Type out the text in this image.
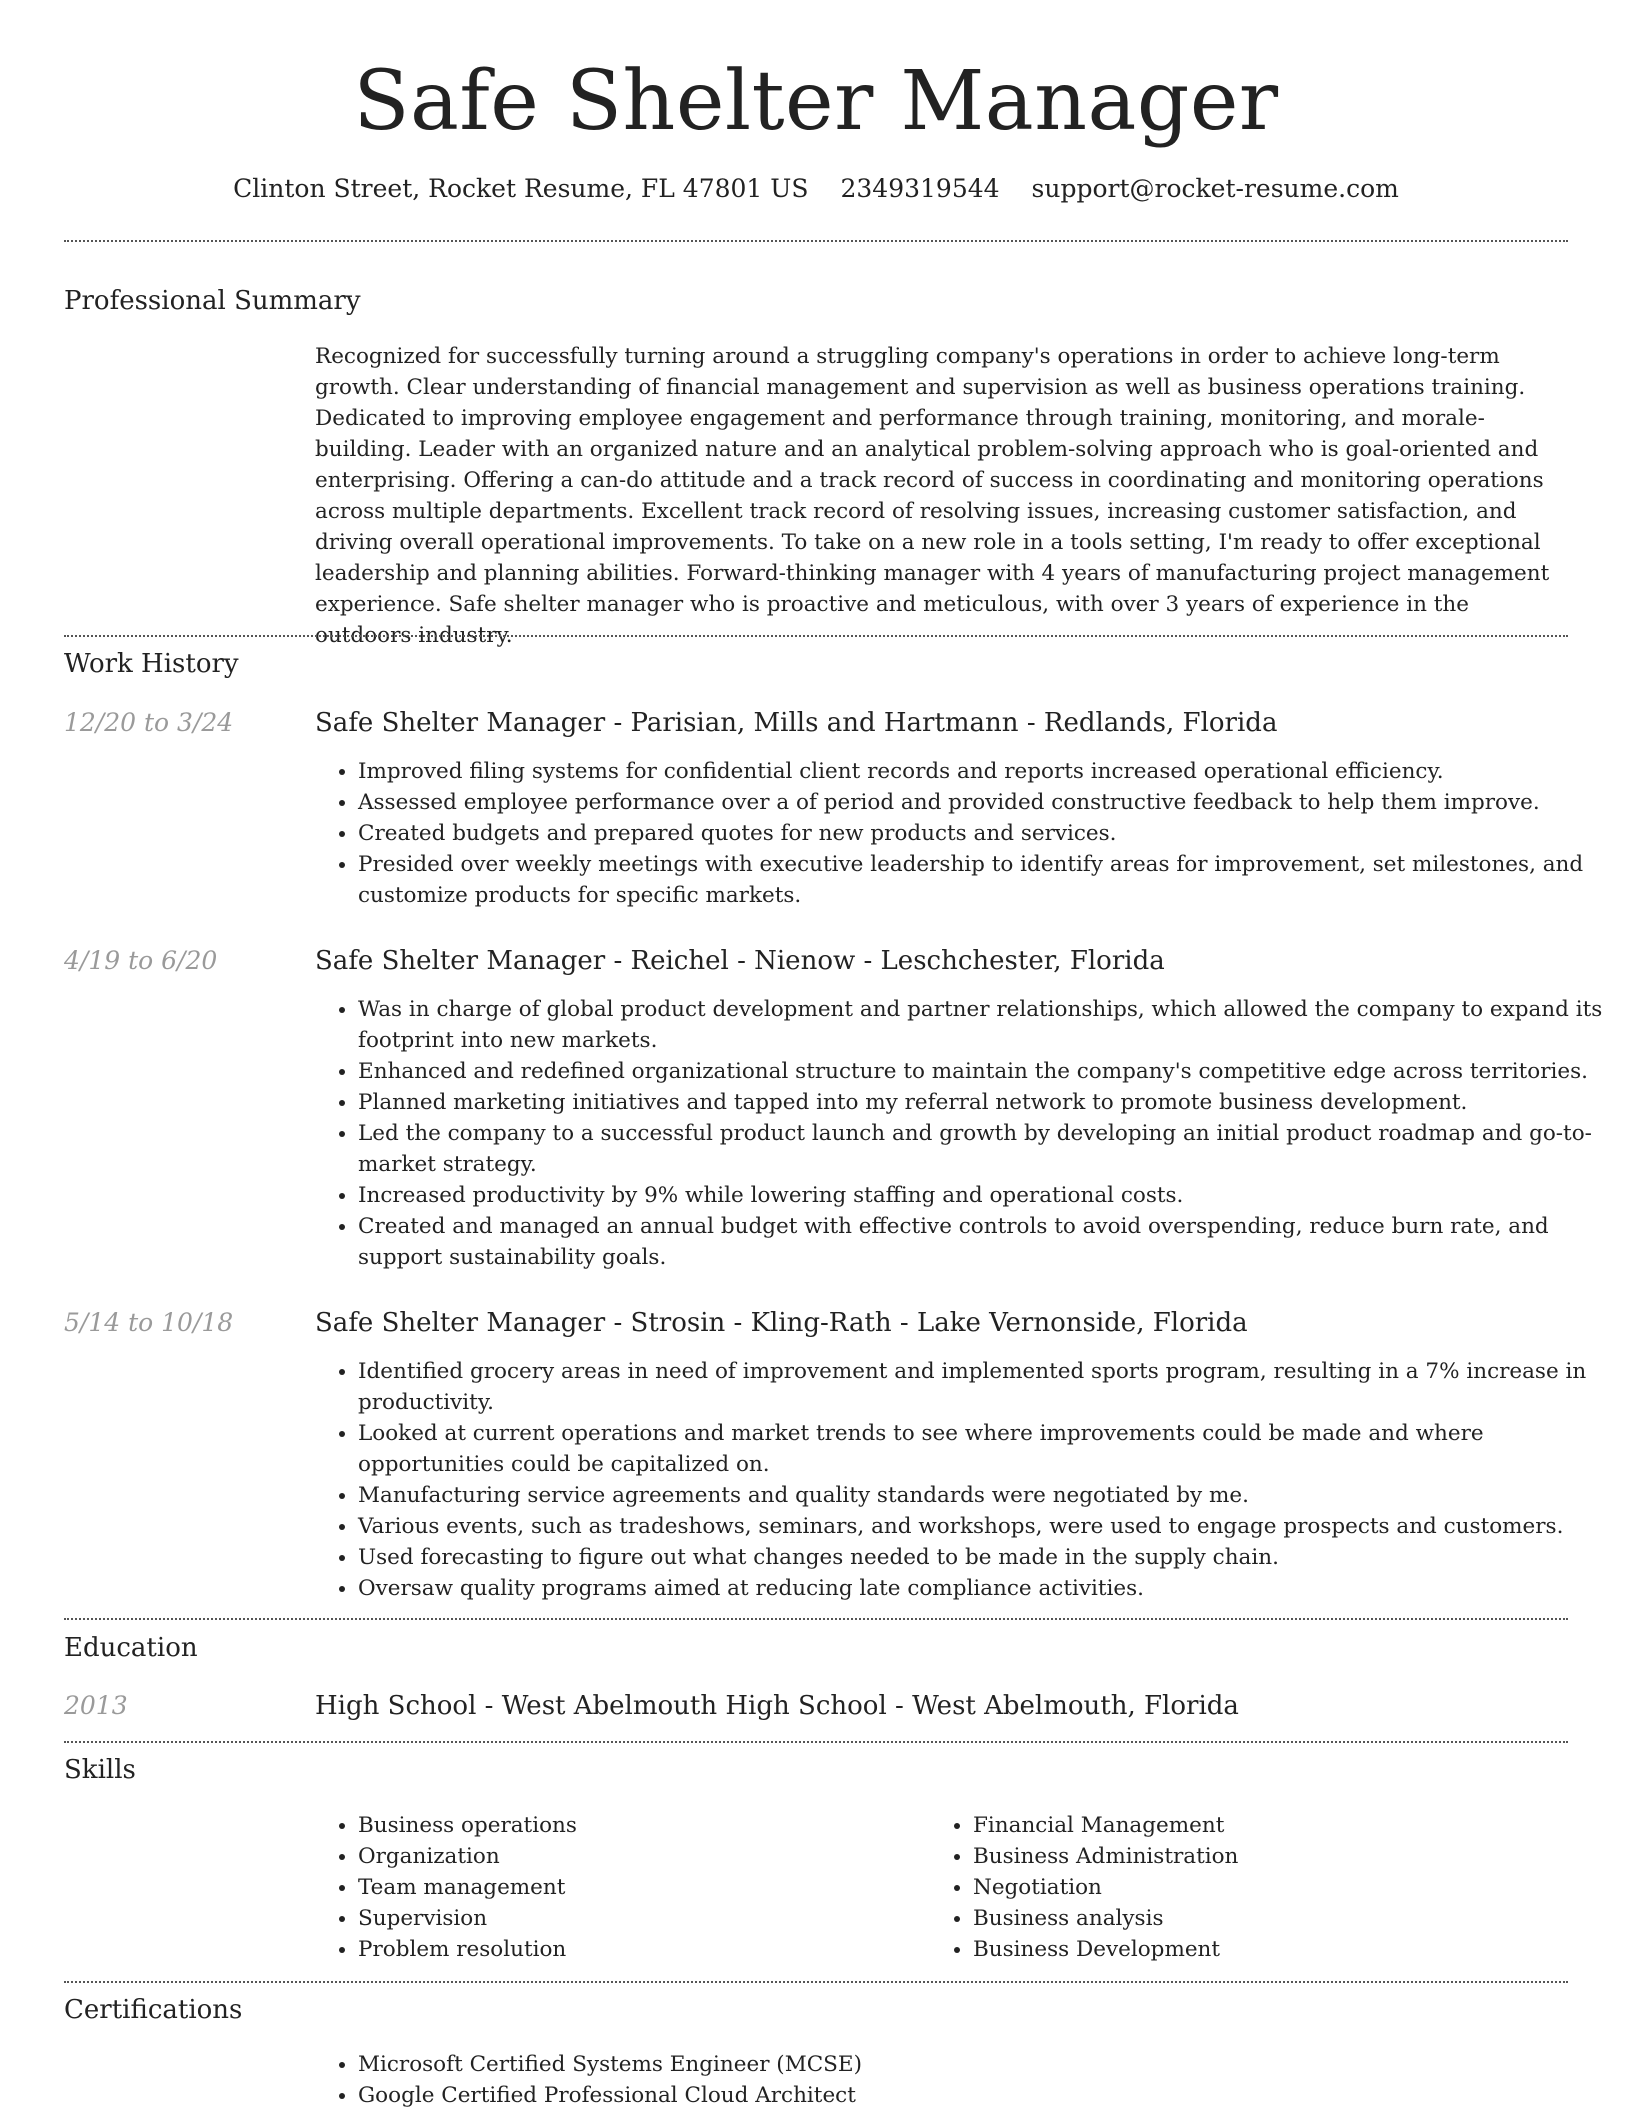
Safe Shelter Manager
Clinton Street, Rocket Resume, FL 47801 US 2349319544 support@rocket-resume.com
Professional Summary

Recognized for successfully turning around a struggling company's operations in order to achieve long-term growth. Clear understanding of financial management and supervision as well as business operations training. Dedicated to improving employee engagement and performance through training, monitoring, and morale-building. Leader with an organized nature and an analytical problem-solving approach who is goal-oriented and enterprising. Offering a can-do attitude and a track record of success in coordinating and monitoring operations across multiple departments. Excellent track record of resolving issues, increasing customer satisfaction, and driving overall operational improvements. To take on a new role in a tools setting, I'm ready to offer exceptional leadership and planning abilities. Forward-thinking manager with 4 years of manufacturing project management experience. Safe shelter manager who is proactive and meticulous, with over 3 years of experience in the outdoors industry.

Work History
12/20 to 3/24	Safe Shelter Manager - Parisian, Mills and Hartmann - Redlands, Florida
• Improved filing systems for confidential client records and reports increased operational efficiency.
• Assessed employee performance over a of period and provided constructive feedback to help them improve.
• Created budgets and prepared quotes for new products and services.
• Presided over weekly meetings with executive leadership to identify areas for improvement, set milestones, and customize products for specific markets.
4/19 to 6/20	Safe Shelter Manager - Reichel - Nienow - Leschchester, Florida
• Was in charge of global product development and partner relationships, which allowed the company to expand its footprint into new markets.
• Enhanced and redefined organizational structure to maintain the company's competitive edge across territories.
• Planned marketing initiatives and tapped into my referral network to promote business development.
• Led the company to a successful product launch and growth by developing an initial product roadmap and go-to-market strategy.
• Increased productivity by 9% while lowering staffing and operational costs.
• Created and managed an annual budget with effective controls to avoid overspending, reduce burn rate, and support sustainability goals.
5/14 to 10/18	Safe Shelter Manager - Strosin - Kling-Rath - Lake Vernonside, Florida
• Identified grocery areas in need of improvement and implemented sports program, resulting in a 7% increase in productivity.
• Looked at current operations and market trends to see where improvements could be made and where opportunities could be capitalized on.
• Manufacturing service agreements and quality standards were negotiated by me.
• Various events, such as tradeshows, seminars, and workshops, were used to engage prospects and customers.
• Used forecasting to figure out what changes needed to be made in the supply chain.
• Oversaw quality programs aimed at reducing late compliance activities.
Education
2013	High School - West Abelmouth High School - West Abelmouth, Florida
Skills
• Business operations
• Organization
• Team management
• Supervision
• Problem resolution
• Financial Management
• Business Administration
• Negotiation
• Business analysis
• Business Development
Certifications
• Microsoft Certified Systems Engineer (MCSE)
• Google Certified Professional Cloud Architect
